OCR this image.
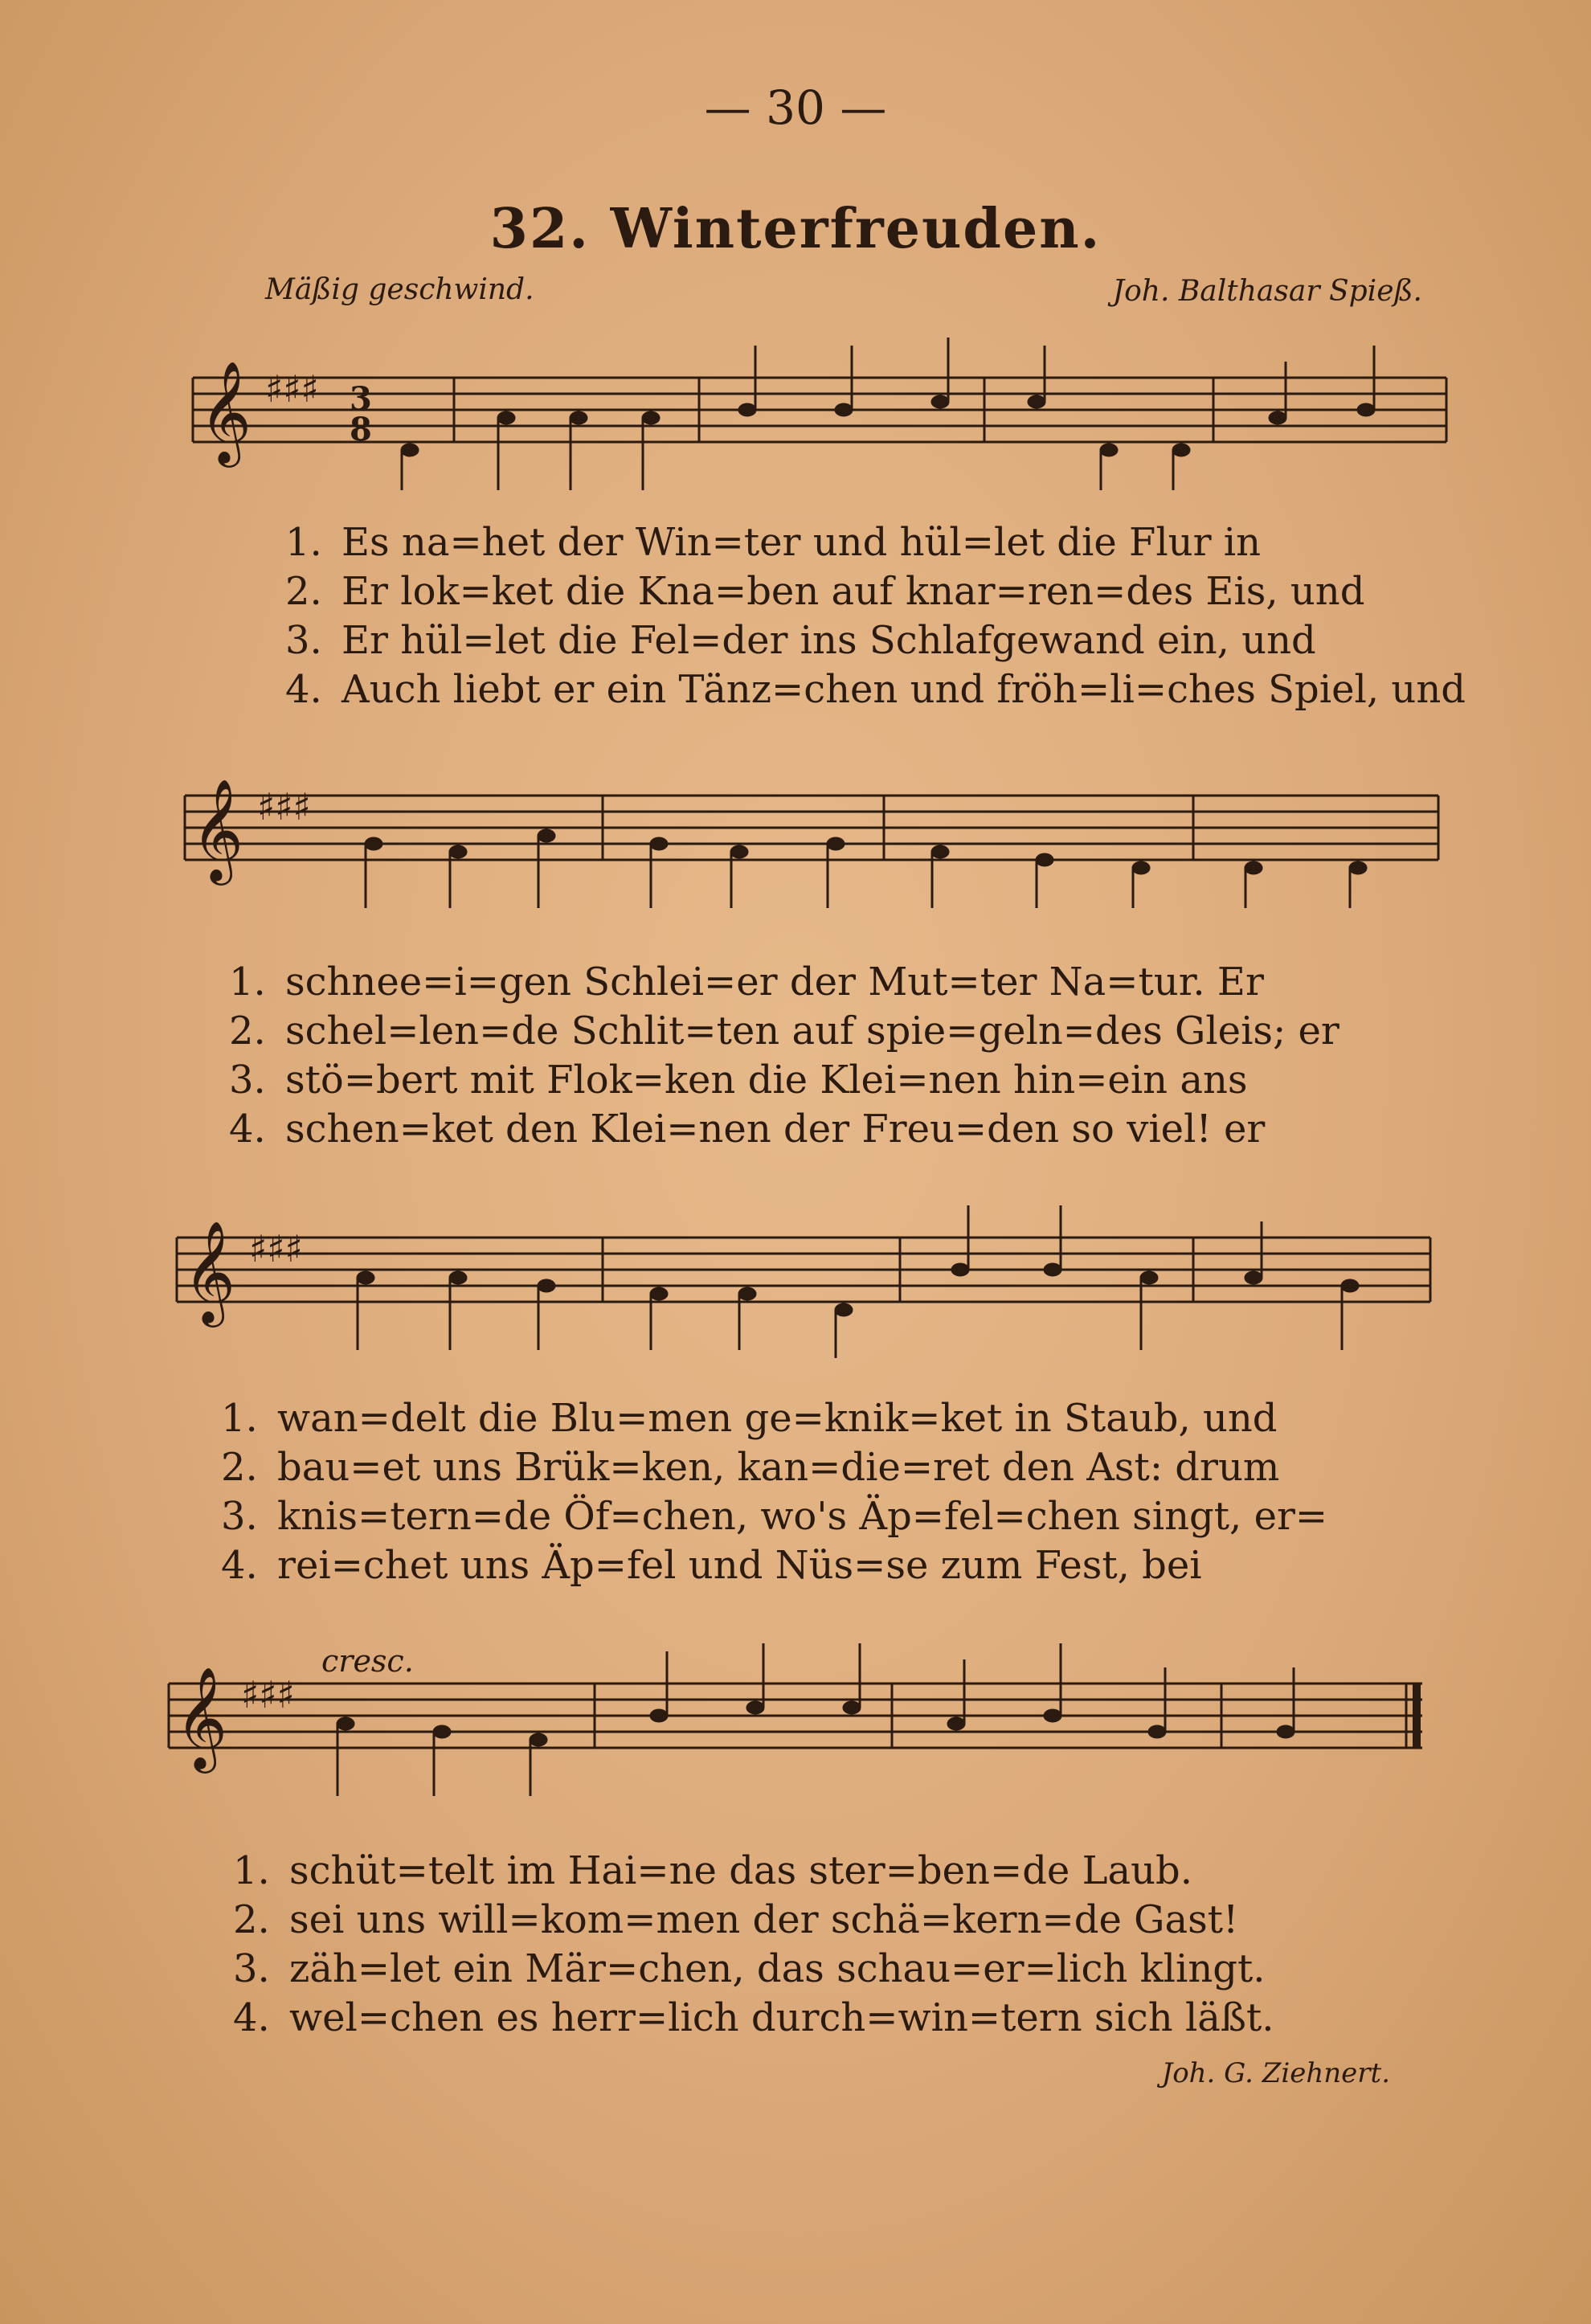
— 30 —
32. Winterfreuden.
Mäßig geschwind.	Joh. Balthasar Spieß.
𝄞 ♯♯♯ 3
8
1. Es na=het der Win=ter und hül=let die Flur in
2. Er lok=ket die Kna=ben auf knar=ren=des Eis, und
3. Er hül=let die Fel=der ins Schlafgewand ein, und
4. Auch liebt er ein Tänz=chen und fröh=li=ches Spiel, und
𝄞 ♯♯♯
1. schnee=i=gen Schlei=er der Mut=ter Na=tur. Er
2. schel=len=de Schlit=ten auf spie=geln=des Gleis; er
3. stö=bert mit Flok=ken die Klei=nen hin=ein ans
4. schen=ket den Klei=nen der Freu=den so viel! er
𝄞 ♯♯♯
1. wan=delt die Blu=men ge=knik=ket in Staub, und
2. bau=et uns Brük=ken, kan=die=ret den Ast: drum
3. knis=tern=de Öf=chen, wo's Äp=fel=chen singt, er=
4. rei=chet uns Äp=fel und Nüs=se zum Fest, bei
cresc.
𝄞 ♯♯♯
1. schüt=telt im Hai=ne das ster=ben=de Laub.
2. sei uns will=kom=men der schä=kern=de Gast!
3. zäh=let ein Mär=chen, das schau=er=lich klingt.
4. wel=chen es herr=lich durch=win=tern sich läßt.
Joh. G. Ziehnert.
